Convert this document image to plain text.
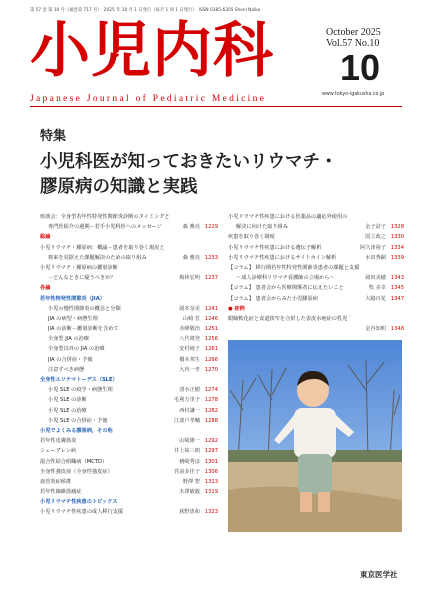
第 57 巻 第 10 号（通巻第 717 号）　2025 年 10 月 1 日発行（毎月 1 回 1 日発行）　ISSN 0385-6305 Shoni Naika
小児内科	October 2025
Vol.57 No.10
10
www.tokyo-igakusha.co.jp
Japanese Journal of Pediatric Medicine
特集
小児科医が知っておきたいリウマチ・
膠原病の知識と実践
座談会：全身型若年性特発性関節炎診断のタイミングと
専門医紹介の週期－若手小児科医へのメッセージ	森 雅亮 1229
総論
小児リウマチ・膠原病：概論－患者を取り巻く現況と
将来を見据えた課題解決のための取り組み	森 雅亮 1233
小児リウマチ・膠原病の鑑別診断
－どんなときに疑うべきか？	梅林宏明 1237
各論
若年性特発性関節炎（JIA）
小児の慢性関節炎の概念と分類	岡本奈美 1241
JIA の病型・病態生理	山崎 晋 1246
JIA の診断－鑑別診断を含めて	赤峰敬治 1251
全身型 JIA の治療	八代将登 1256
全身型以外の JIA の治療	安村純子 1261
JIA の合併症・予後	橋本邦生 1266
注意すべき病態	大内一孝 1270
全身性エリテマトーデス（SLE）
小児 SLE の疫学・病態生理	清水正樹 1274
小児 SLE の診断	毛利万里子 1278
小児 SLE の治療	西村謙一 1282
小児 SLE の合併症・予後	江波戸孝輔 1288
小児でよくみる膠原病，その他
若年性皮膚筋炎	山崎雄一 1292
シェーグレン病	井上祐三朗 1297
混合性結合組織病（MCTD）	楢崎秀彦 1301
全身性強皮症（全身性強皮症）	宮前多佳子 1306
血管炎症候群	野澤 智 1313
若年性線維筋痛症	木澤敏毅 1319
小児リウマチ性疾患のトピックス
小児リウマチ性疾患の成人移行支援	荻野恵和 1323
小児リウマチ性疾患における医薬品の適応外使用の
解決に向けた取り組み	金子詩子 1328
疾患を取り巻く制度	国立政之 1330
小児リウマチ性疾患における遺伝子解析	阿久津裕子 1334
小児リウマチ性疾患におけるサイトカイン解析	水田秀嗣 1339
【コラム】 移行期若年性特発性関節炎患者の課題と支援
～成人診療科リウマチ看護師の立場から～	岡田美穂 1343
【コラム】 患者会から医療関係者に伝えたいこと	牧 美幸 1345
【コラム】 患者会からみた小児膠原病	大脇百花 1347
● 症例
眼瞼軟化症と食道狭窄を合併した表皮水疱症の乳児
金谷知明 1348
東京医学社
